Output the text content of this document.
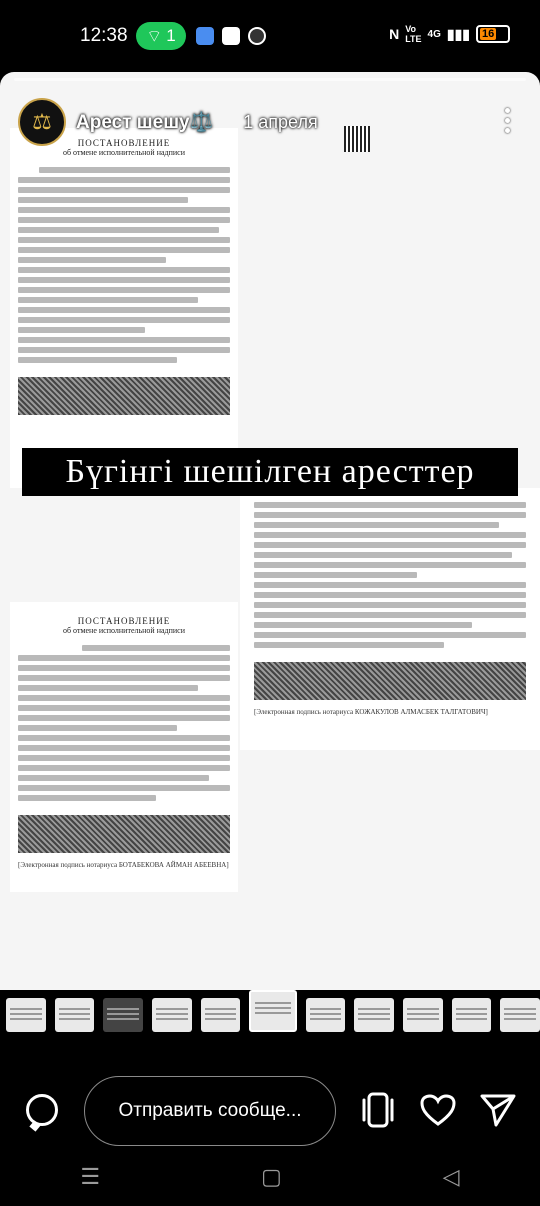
12:38 ⌔ 1	Ν Vo
LTE 4G ▮▮▮ 16
ПОСТАНОВЛЕНИЕ
об отмене исполнительной надписи
[Электронная подпись нотариуса КОЖАКУЛОВ АЛМАСБЕК ТАЛГАТОВИЧ]
ПОСТАНОВЛЕНИЕ
об отмене исполнительной надписи
[Электронная подпись нотариуса БОТАБЕКОВА АЙМАН АБЕЕВНА]
⚖ Арест шешу⚖️ 1 апреля
Бүгінгі шешілген аресттер
Отправить сообще...
☰	▢	◁
